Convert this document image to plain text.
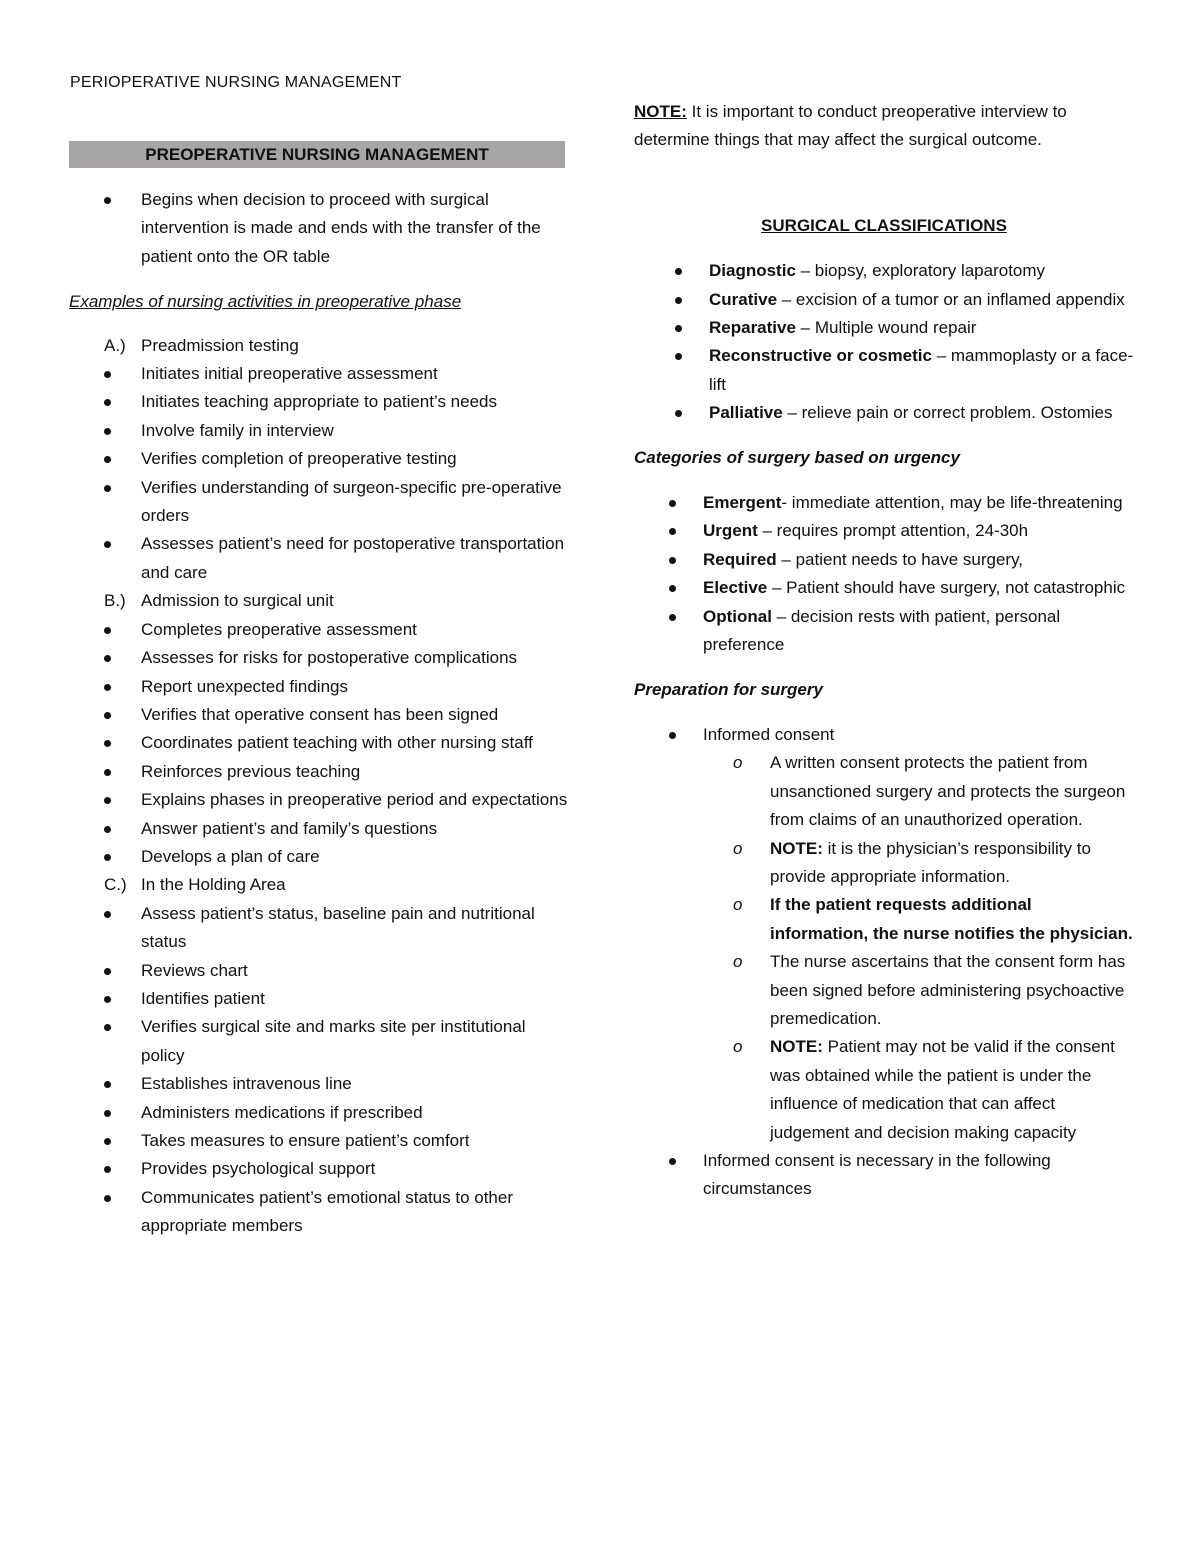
PERIOPERATIVE NURSING MANAGEMENT
PREOPERATIVE NURSING MANAGEMENT
Begins when decision to proceed with surgical intervention is made and ends with the transfer of the patient onto the OR table
Examples of nursing activities in preoperative phase
A.) Preadmission testing
Initiates initial preoperative assessment
Initiates teaching appropriate to patient’s needs
Involve family in interview
Verifies completion of preoperative testing
Verifies understanding of surgeon-specific pre-operative orders
Assesses patient’s need for postoperative transportation and care
B.) Admission to surgical unit
Completes preoperative assessment
Assesses for risks for postoperative complications
Report unexpected findings
Verifies that operative consent has been signed
Coordinates patient teaching with other nursing staff
Reinforces previous teaching
Explains phases in preoperative period and expectations
Answer patient’s and family’s questions
Develops a plan of care
C.) In the Holding Area
Assess patient’s status, baseline pain and nutritional status
Reviews chart
Identifies patient
Verifies surgical site and marks site per institutional policy
Establishes intravenous line
Administers medications if prescribed
Takes measures to ensure patient’s comfort
Provides psychological support
Communicates patient’s emotional status to other appropriate members
NOTE: It is important to conduct preoperative interview to determine things that may affect the surgical outcome.
SURGICAL CLASSIFICATIONS
Diagnostic – biopsy, exploratory laparotomy
Curative – excision of a tumor or an inflamed appendix
Reparative – Multiple wound repair
Reconstructive or cosmetic – mammoplasty or a face-lift
Palliative – relieve pain or correct problem. Ostomies
Categories of surgery based on urgency
Emergent- immediate attention, may be life-threatening
Urgent – requires prompt attention, 24-30h
Required – patient needs to have surgery,
Elective – Patient should have surgery, not catastrophic
Optional – decision rests with patient, personal preference
Preparation for surgery
Informed consent
o A written consent protects the patient from unsanctioned surgery and protects the surgeon from claims of an unauthorized operation.
o NOTE: it is the physician’s responsibility to provide appropriate information.
o If the patient requests additional information, the nurse notifies the physician.
o The nurse ascertains that the consent form has been signed before administering psychoactive premedication.
o NOTE: Patient may not be valid if the consent was obtained while the patient is under the influence of medication that can affect judgement and decision making capacity
Informed consent is necessary in the following circumstances
